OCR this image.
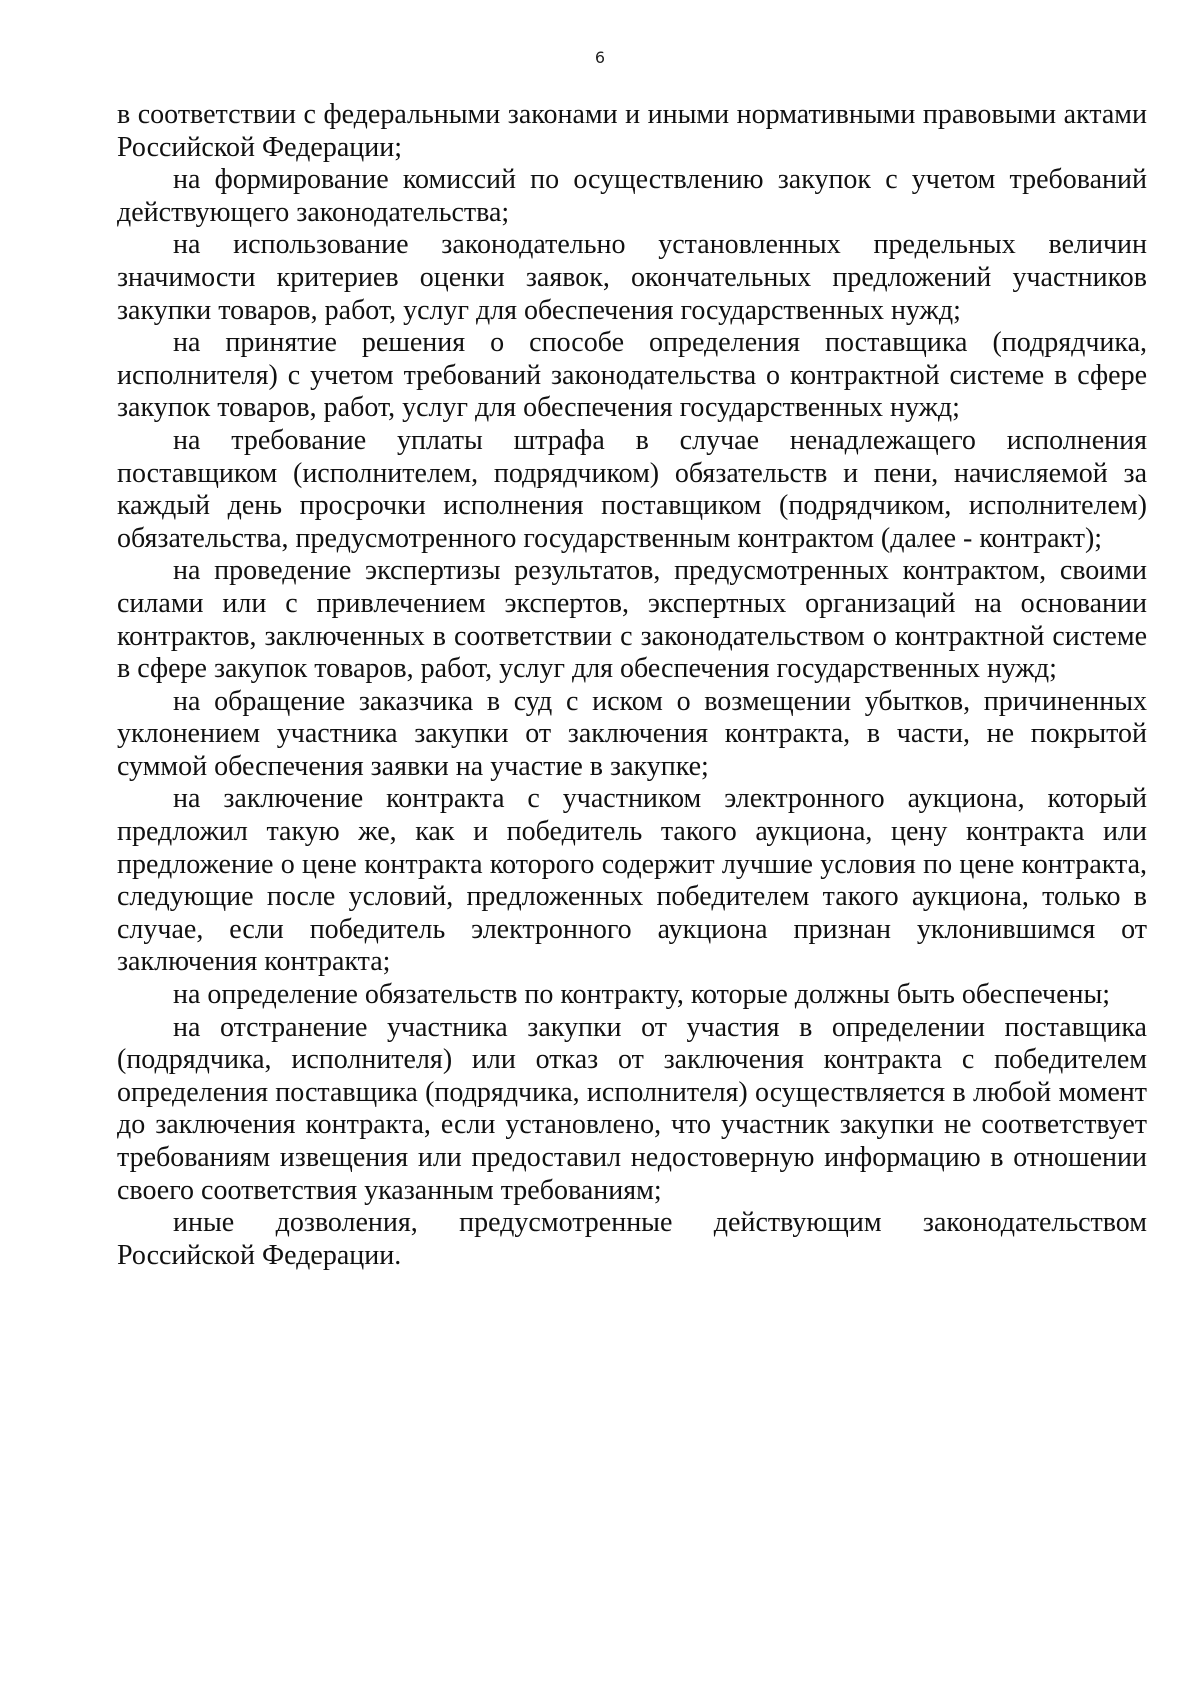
6

в соответствии с федеральными законами и иными нормативными правовыми актами Российской Федерации;

на формирование комиссий по осуществлению закупок с учетом требований действующего законодательства;

на использование законодательно установленных предельных величин значимости критериев оценки заявок, окончательных предложений участников закупки товаров, работ, услуг для обеспечения государственных нужд;

на принятие решения о способе определения поставщика (подрядчика, исполнителя) с учетом требований законодательства о контрактной системе в сфере закупок товаров, работ, услуг для обеспечения государственных нужд;

на требование уплаты штрафа в случае ненадлежащего исполнения поставщиком (исполнителем, подрядчиком) обязательств и пени, начисляемой за каждый день просрочки исполнения поставщиком (подрядчиком, исполнителем) обязательства, предусмотренного государственным контрактом (далее - контракт);

на проведение экспертизы результатов, предусмотренных контрактом, своими силами или с привлечением экспертов, экспертных организаций на основании контрактов, заключенных в соответствии с законодательством о контрактной системе в сфере закупок товаров, работ, услуг для обеспечения государственных нужд;

на обращение заказчика в суд с иском о возмещении убытков, причиненных уклонением участника закупки от заключения контракта, в части, не покрытой суммой обеспечения заявки на участие в закупке;

на заключение контракта с участником электронного аукциона, который предложил такую же, как и победитель такого аукциона, цену контракта или предложение о цене контракта которого содержит лучшие условия по цене контракта, следующие после условий, предложенных победителем такого аукциона, только в случае, если победитель электронного аукциона признан уклонившимся от заключения контракта;

на определение обязательств по контракту, которые должны быть обеспечены;

на отстранение участника закупки от участия в определении поставщика (подрядчика, исполнителя) или отказ от заключения контракта с победителем определения поставщика (подрядчика, исполнителя) осуществляется в любой момент до заключения контракта, если установлено, что участник закупки не соответствует требованиям извещения или предоставил недостоверную информацию в отношении своего соответствия указанным требованиям;

иные дозволения, предусмотренные действующим законодательством Российской Федерации.
